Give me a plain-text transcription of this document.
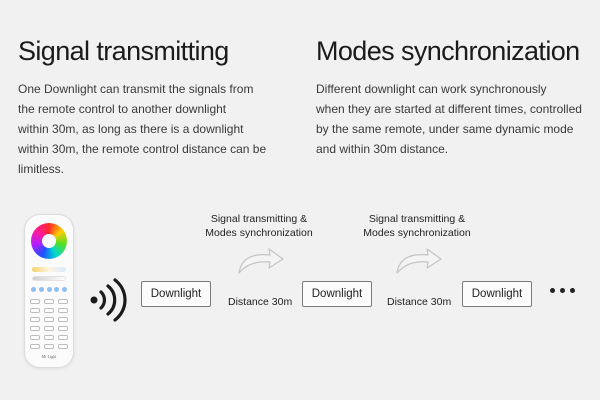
Signal transmitting

One Downlight can transmit the signals from
the remote control to another downlight
within 30m, as long as there is a downlight
within 30m, the remote control distance can be
limitless.

Modes synchronization

Different downlight can work synchronously
when they are started at different times, controlled
by the same remote, under same dynamic mode
and within 30m distance.

Mi·Light
Downlight	Downlight	Downlight
Distance 30m	Distance 30m
Signal transmitting &
Modes synchronization
Signal transmitting &
Modes synchronization
